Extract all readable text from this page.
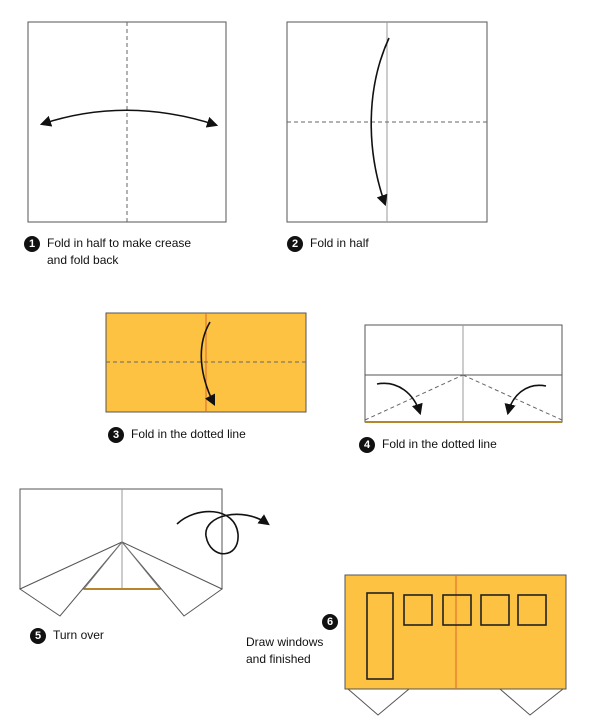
1 Fold in half to make crease
and fold back
2 Fold in half
3 Fold in the dotted line
4 Fold in the dotted line
5 Turn over
6
Draw windows
and finished
